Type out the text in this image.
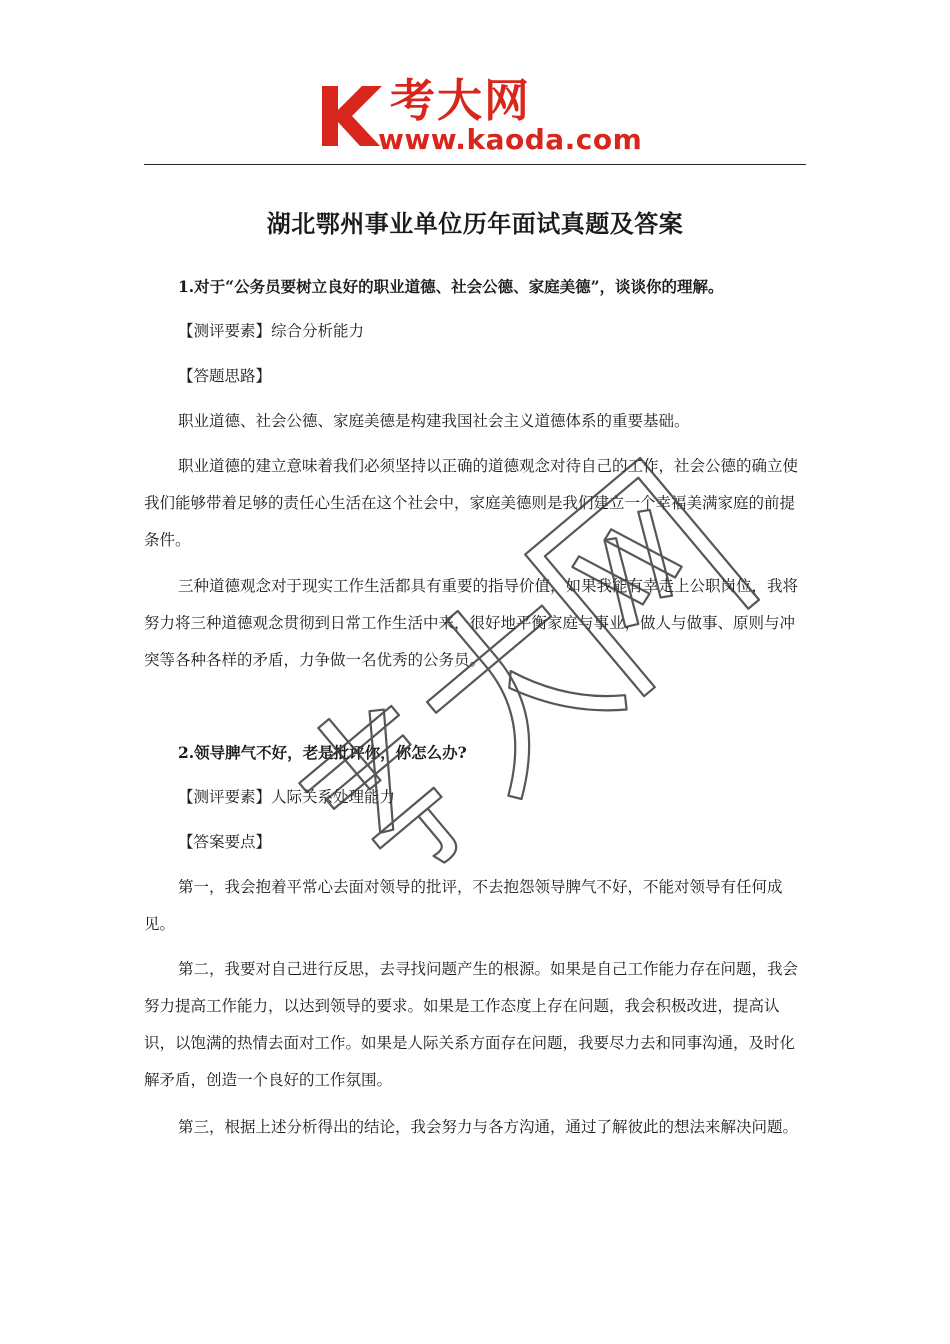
考大网
www.kaoda.com
湖北鄂州事业单位历年面试真题及答案
1.对于“公务员要树立良好的职业道德、社会公德、家庭美德”，谈谈你的理解。
【测评要素】综合分析能力
【答题思路】
职业道德、社会公德、家庭美德是构建我国社会主义道德体系的重要基础。
职业道德的建立意味着我们必须坚持以正确的道德观念对待自己的工作，社会公德的确立使我们能够带着足够的责任心生活在这个社会中，家庭美德则是我们建立一个幸福美满家庭的前提条件。
三种道德观念对于现实工作生活都具有重要的指导价值，如果我能有幸走上公职岗位，我将努力将三种道德观念贯彻到日常工作生活中来，很好地平衡家庭与事业，做人与做事、原则与冲突等各种各样的矛盾，力争做一名优秀的公务员。
2.领导脾气不好，老是批评你，你怎么办?
【测评要素】人际关系处理能力
【答案要点】
第一，我会抱着平常心去面对领导的批评，不去抱怨领导脾气不好，不能对领导有任何成见。
第二，我要对自己进行反思，去寻找问题产生的根源。如果是自己工作能力存在问题，我会努力提高工作能力，以达到领导的要求。如果是工作态度上存在问题，我会积极改进，提高认识，以饱满的热情去面对工作。如果是人际关系方面存在问题，我要尽力去和同事沟通，及时化解矛盾，创造一个良好的工作氛围。
第三，根据上述分析得出的结论，我会努力与各方沟通，通过了解彼此的想法来解决问题。
